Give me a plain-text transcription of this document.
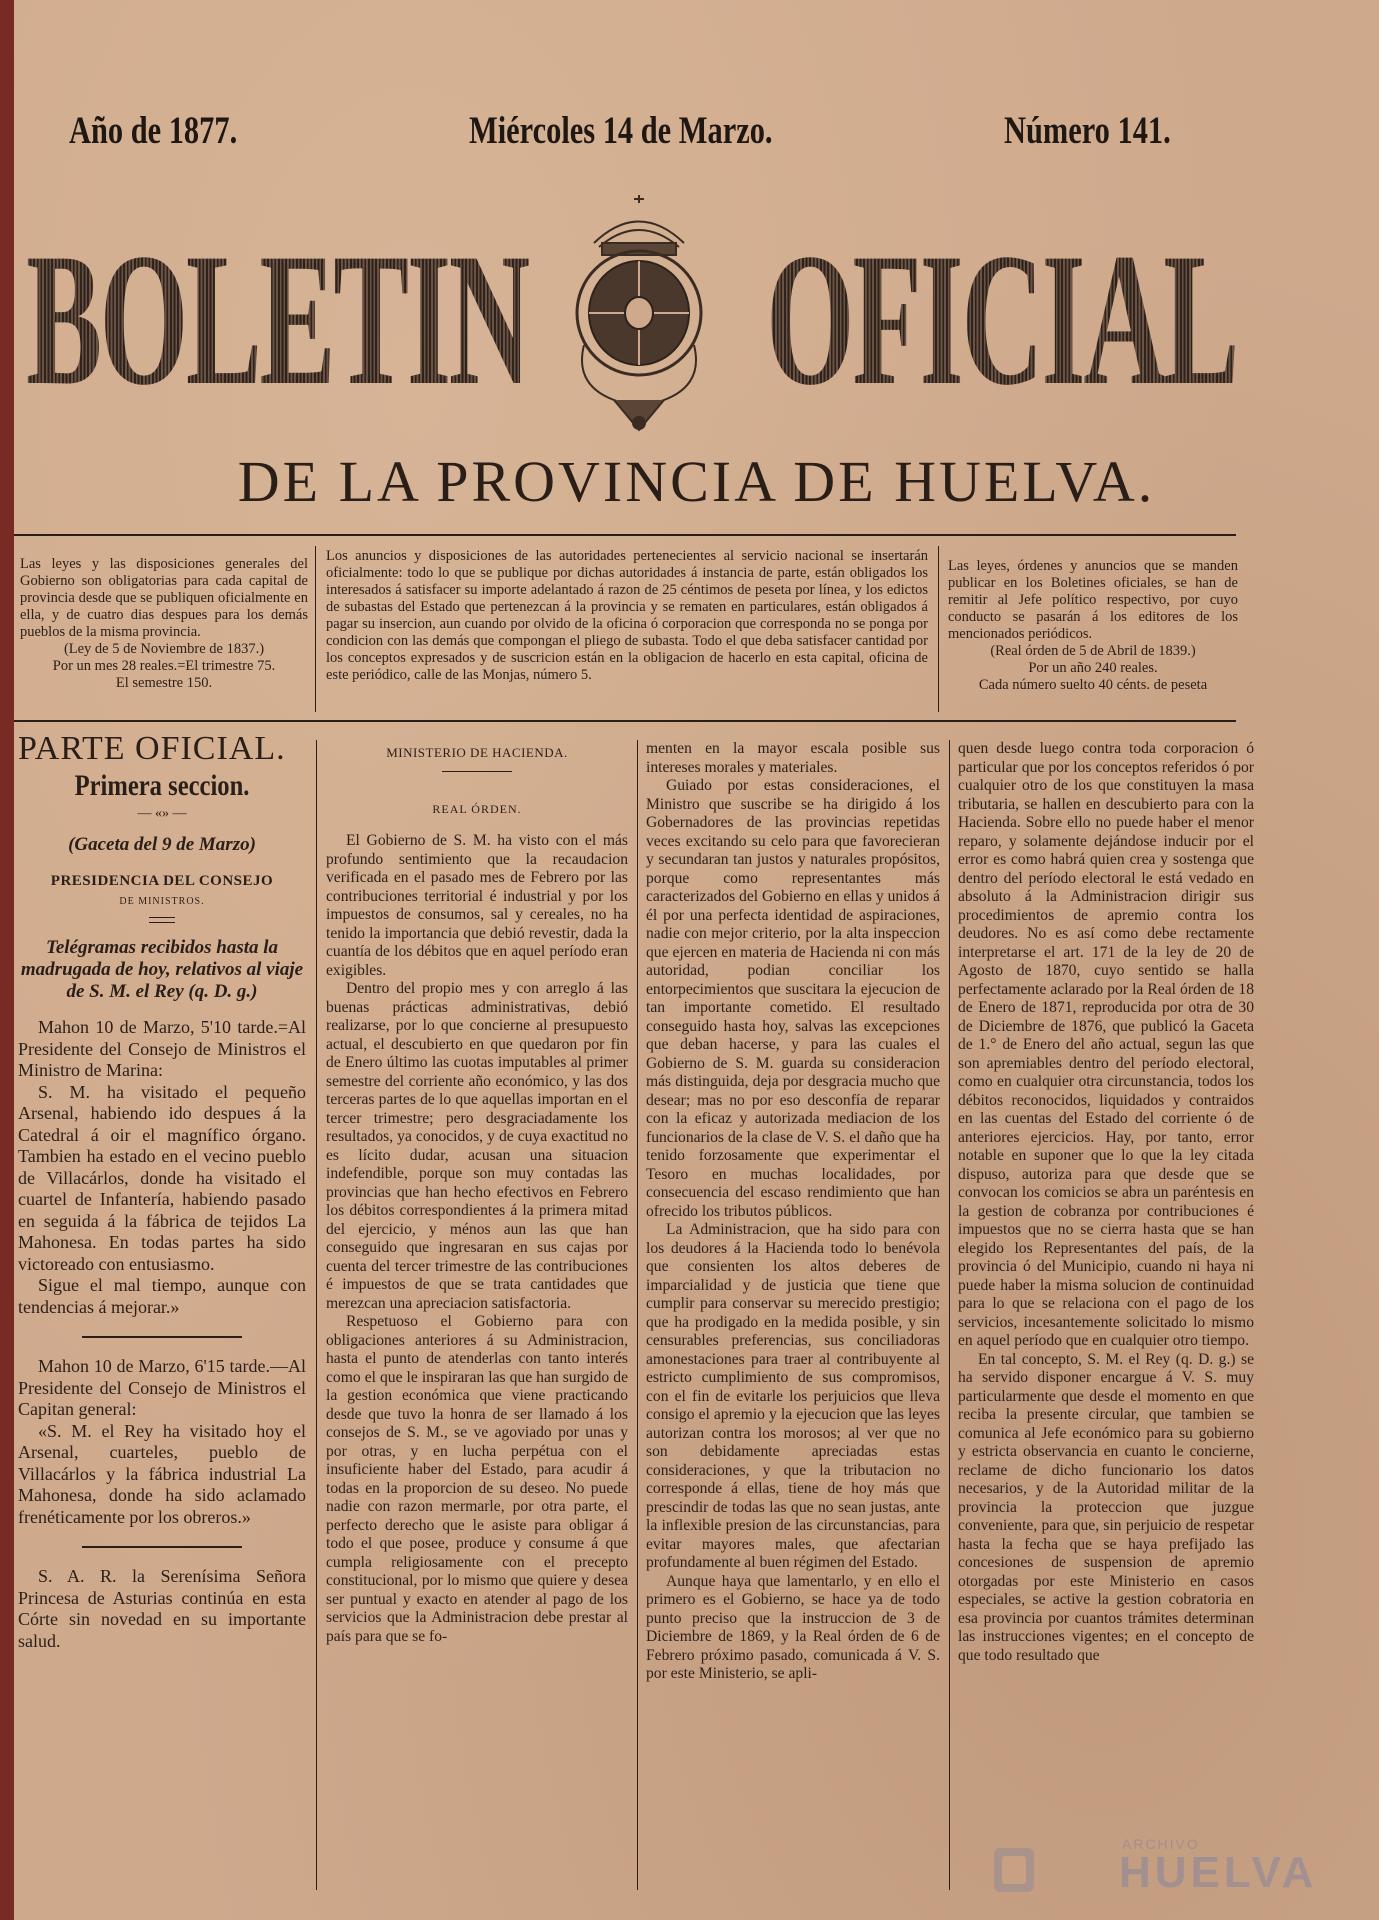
Año de 1877.	Miércoles 14 de Marzo.	Número 141.
BOLETIN OFICIAL
DE LA PROVINCIA DE HUELVA.
Las leyes y las disposiciones generales del Gobierno son obligatorias para cada capital de provincia desde que se publiquen oficialmente en ella, y de cuatro dias despues para los demás pueblos de la misma provincia.
(Ley de 5 de Noviembre de 1837.)
Por un mes 28 reales.=El trimestre 75.
El semestre 150.
Los anuncios y disposiciones de las autoridades pertenecientes al servicio nacional se insertarán oficialmente: todo lo que se publique por dichas autoridades á instancia de parte, están obligados los interesados á satisfacer su importe adelantado á razon de 25 céntimos de peseta por línea, y los edictos de subastas del Estado que pertenezcan á la provincia y se rematen en particulares, están obligados á pagar su insercion, aun cuando por olvido de la oficina ó corporacion que corresponda no se ponga por condicion con las demás que compongan el pliego de subasta. Todo el que deba satisfacer cantidad por los conceptos expresados y de suscricion están en la obligacion de hacerlo en esta capital, oficina de este periódico, calle de las Monjas, número 5.
Las leyes, órdenes y anuncios que se manden publicar en los Boletines oficiales, se han de remitir al Jefe político respectivo, por cuyo conducto se pasarán á los editores de los mencionados periódicos.
(Real órden de 5 de Abril de 1839.)
Por un año 240 reales.
Cada número suelto 40 cénts. de peseta
PARTE OFICIAL.
Primera seccion.
— «» —
(Gaceta del 9 de Marzo)
PRESIDENCIA DEL CONSEJO
DE MINISTROS.
Telégramas recibidos hasta la madrugada de hoy, relativos al viaje de S. M. el Rey (q. D. g.)

Mahon 10 de Marzo, 5'10 tarde.=Al Presidente del Consejo de Ministros el Ministro de Marina:

S. M. ha visitado el pequeño Arsenal, habiendo ido despues á la Catedral á oir el magnífico órgano. Tambien ha estado en el vecino pueblo de Villacárlos, donde ha visitado el cuartel de Infantería, habiendo pasado en seguida á la fábrica de tejidos La Mahonesa. En todas partes ha sido victoreado con entusiasmo.

Sigue el mal tiempo, aunque con tendencias á mejorar.»

Mahon 10 de Marzo, 6'15 tarde.—Al Presidente del Consejo de Ministros el Capitan general:

«S. M. el Rey ha visitado hoy el Arsenal, cuarteles, pueblo de Villacárlos y la fábrica industrial La Mahonesa, donde ha sido aclamado frenéticamente por los obreros.»

S. A. R. la Serenísima Señora Princesa de Asturias continúa en esta Córte sin novedad en su importante salud.

MINISTERIO DE HACIENDA.
REAL ÓRDEN.

El Gobierno de S. M. ha visto con el más profundo sentimiento que la recaudacion verificada en el pasado mes de Febrero por las contribuciones territorial é industrial y por los impuestos de consumos, sal y cereales, no ha tenido la importancia que debió revestir, dada la cuantía de los débitos que en aquel período eran exigibles.

Dentro del propio mes y con arreglo á las buenas prácticas administrativas, debió realizarse, por lo que concierne al presupuesto actual, el descubierto en que quedaron por fin de Enero último las cuotas imputables al primer semestre del corriente año económico, y las dos terceras partes de lo que aquellas importan en el tercer trimestre; pero desgraciadamente los resultados, ya conocidos, y de cuya exactitud no es lícito dudar, acusan una situacion indefendible, porque son muy contadas las provincias que han hecho efectivos en Febrero los débitos correspondientes á la primera mitad del ejercicio, y ménos aun las que han conseguido que ingresaran en sus cajas por cuenta del tercer trimestre de las contribuciones é impuestos de que se trata cantidades que merezcan una apreciacion satisfactoria.

Respetuoso el Gobierno para con obligaciones anteriores á su Administracion, hasta el punto de atenderlas con tanto interés como el que le inspiraran las que han surgido de la gestion económica que viene practicando desde que tuvo la honra de ser llamado á los consejos de S. M., se ve agoviado por unas y por otras, y en lucha perpétua con el insuficiente haber del Estado, para acudir á todas en la proporcion de su deseo. No puede nadie con razon mermarle, por otra parte, el perfecto derecho que le asiste para obligar á todo el que posee, produce y consume á que cumpla religiosamente con el precepto constitucional, por lo mismo que quiere y desea ser puntual y exacto en atender al pago de los servicios que la Administracion debe prestar al país para que se fo-

menten en la mayor escala posible sus intereses morales y materiales.

Guiado por estas consideraciones, el Ministro que suscribe se ha dirigido á los Gobernadores de las provincias repetidas veces excitando su celo para que favorecieran y secundaran tan justos y naturales propósitos, porque como representantes más caracterizados del Gobierno en ellas y unidos á él por una perfecta identidad de aspiraciones, nadie con mejor criterio, por la alta inspeccion que ejercen en materia de Hacienda ni con más autoridad, podian conciliar los entorpecimientos que suscitara la ejecucion de tan importante cometido. El resultado conseguido hasta hoy, salvas las excepciones que deban hacerse, y para las cuales el Gobierno de S. M. guarda su consideracion más distinguida, deja por desgracia mucho que desear; mas no por eso desconfía de reparar con la eficaz y autorizada mediacion de los funcionarios de la clase de V. S. el daño que ha tenido forzosamente que experimentar el Tesoro en muchas localidades, por consecuencia del escaso rendimiento que han ofrecido los tributos públicos.

La Administracion, que ha sido para con los deudores á la Hacienda todo lo benévola que consienten los altos deberes de imparcialidad y de justicia que tiene que cumplir para conservar su merecido prestigio; que ha prodigado en la medida posible, y sin censurables preferencias, sus conciliadoras amonestaciones para traer al contribuyente al estricto cumplimiento de sus compromisos, con el fin de evitarle los perjuicios que lleva consigo el apremio y la ejecucion que las leyes autorizan contra los morosos; al ver que no son debidamente apreciadas estas consideraciones, y que la tributacion no corresponde á ellas, tiene de hoy más que prescindir de todas las que no sean justas, ante la inflexible presion de las circunstancias, para evitar mayores males, que afectarian profundamente al buen régimen del Estado.

Aunque haya que lamentarlo, y en ello el primero es el Gobierno, se hace ya de todo punto preciso que la instruccion de 3 de Diciembre de 1869, y la Real órden de 6 de Febrero próximo pasado, comunicada á V. S. por este Ministerio, se apli-

quen desde luego contra toda corporacion ó particular que por los conceptos referidos ó por cualquier otro de los que constituyen la masa tributaria, se hallen en descubierto para con la Hacienda. Sobre ello no puede haber el menor reparo, y solamente dejándose inducir por el error es como habrá quien crea y sostenga que dentro del período electoral le está vedado en absoluto á la Administracion dirigir sus procedimientos de apremio contra los deudores. No es así como debe rectamente interpretarse el art. 171 de la ley de 20 de Agosto de 1870, cuyo sentido se halla perfectamente aclarado por la Real órden de 18 de Enero de 1871, reproducida por otra de 30 de Diciembre de 1876, que publicó la Gaceta de 1.° de Enero del año actual, segun las que son apremiables dentro del período electoral, como en cualquier otra circunstancia, todos los débitos reconocidos, liquidados y contraidos en las cuentas del Estado del corriente ó de anteriores ejercicios. Hay, por tanto, error notable en suponer que lo que la ley citada dispuso, autoriza para que desde que se convocan los comicios se abra un paréntesis en la gestion de cobranza por contribuciones é impuestos que no se cierra hasta que se han elegido los Representantes del país, de la provincia ó del Municipio, cuando ni haya ni puede haber la misma solucion de continuidad para lo que se relaciona con el pago de los servicios, incesantemente solicitado lo mismo en aquel período que en cualquier otro tiempo.

En tal concepto, S. M. el Rey (q. D. g.) se ha servido disponer encargue á V. S. muy particularmente que desde el momento en que reciba la presente circular, que tambien se comunica al Jefe económico para su gobierno y estricta observancia en cuanto le concierne, reclame de dicho funcionario los datos necesarios, y de la Autoridad militar de la provincia la proteccion que juzgue conveniente, para que, sin perjuicio de respetar hasta la fecha que se haya prefijado las concesiones de suspension de apremio otorgadas por este Ministerio en casos especiales, se active la gestion cobratoria en esa provincia por cuantos trámites determinan las instrucciones vigentes; en el concepto de que todo resultado que

ARCHIVO
HUELVA
